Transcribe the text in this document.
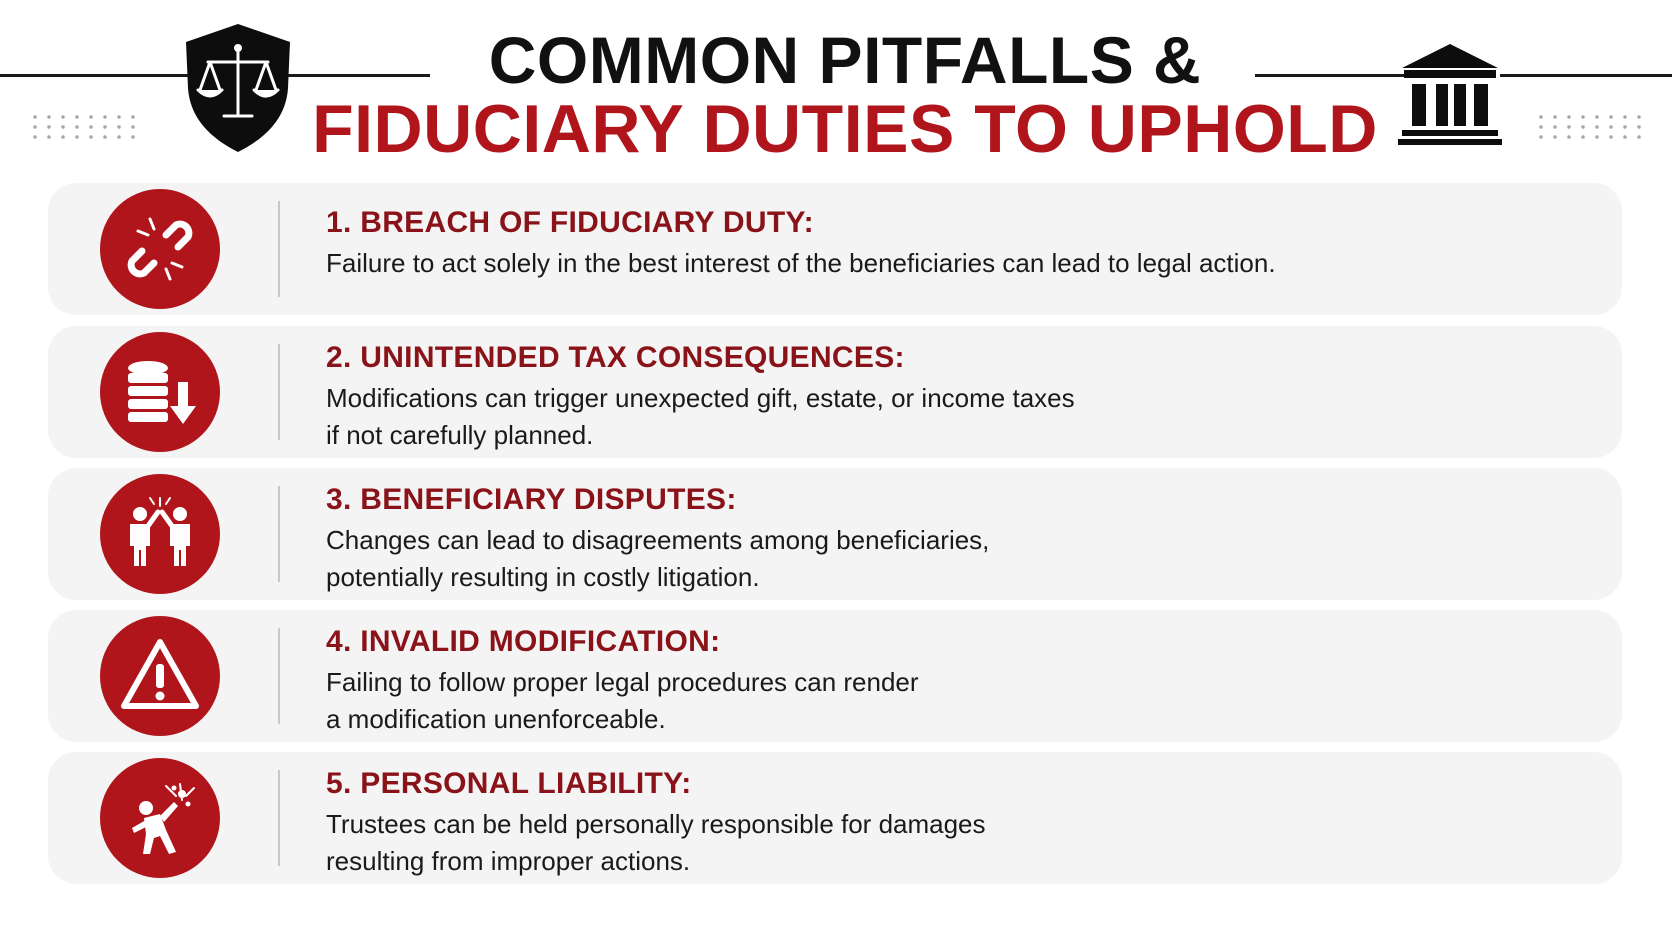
COMMON PITFALLS &
FIDUCIARY DUTIES TO UPHOLD
1. BREACH OF FIDUCIARY DUTY:
Failure to act solely in the best interest of the beneficiaries can lead to legal action.
2. UNINTENDED TAX CONSEQUENCES:
Modifications can trigger unexpected gift, estate, or income taxes
if not carefully planned.
3. BENEFICIARY DISPUTES:
Changes can lead to disagreements among beneficiaries,
potentially resulting in costly litigation.
4. INVALID MODIFICATION:
Failing to follow proper legal procedures can render
a modification unenforceable.
5. PERSONAL LIABILITY:
Trustees can be held personally responsible for damages
resulting from improper actions.
